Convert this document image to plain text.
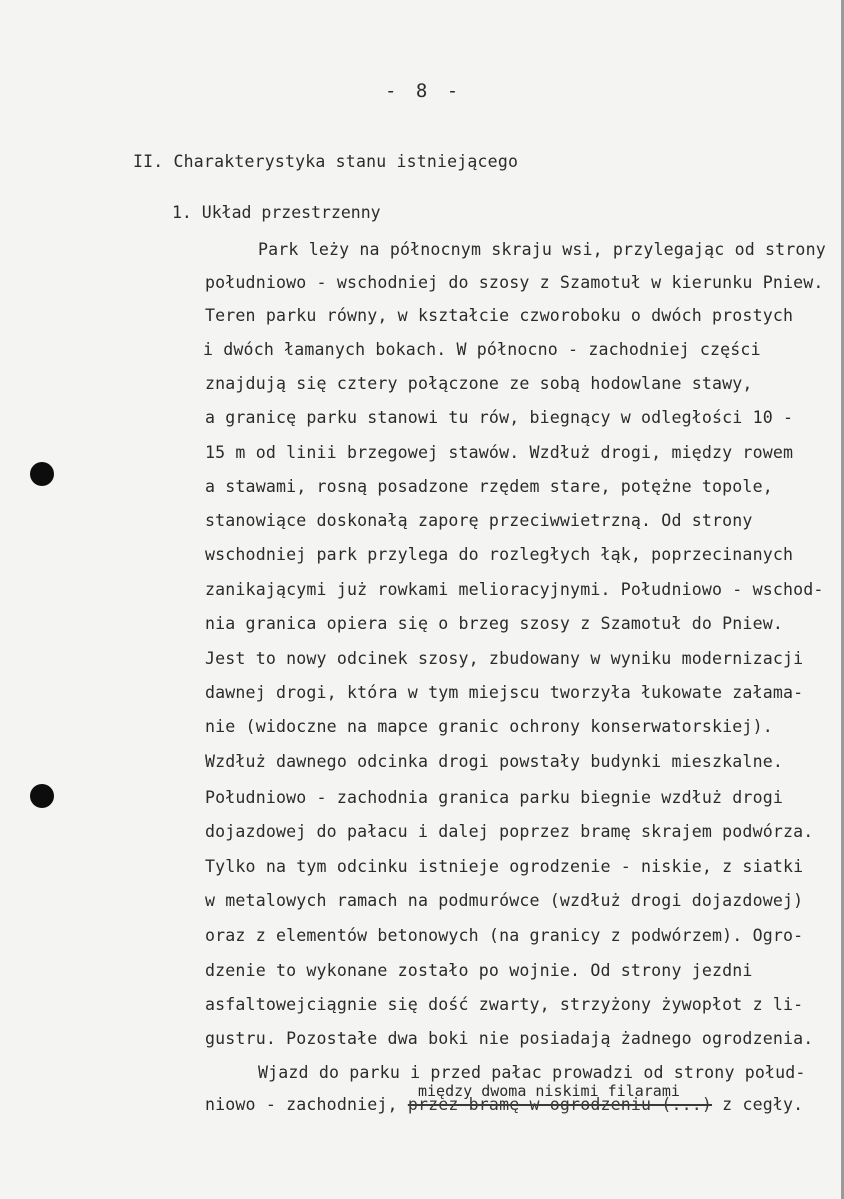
- 8 -
II. Charakterystyka stanu istniejącego
1. Układ przestrzenny
Park leży na północnym skraju wsi, przylegając od strony
południowo - wschodniej do szosy z Szamotuł w kierunku Pniew.
Teren parku równy, w kształcie czworoboku o dwóch prostych
i dwóch łamanych bokach. W północno - zachodniej części
znajdują się cztery połączone ze sobą hodowlane stawy,
a granicę parku stanowi tu rów, biegnący w odległości 10 -
15 m od linii brzegowej stawów. Wzdłuż drogi, między rowem
a stawami, rosną posadzone rzędem stare, potężne topole,
stanowiące doskonałą zaporę przeciwwietrzną. Od strony
wschodniej park przylega do rozległych łąk, poprzecinanych
zanikającymi już rowkami melioracyjnymi. Południowo - wschod-
nia granica opiera się o brzeg szosy z Szamotuł do Pniew.
Jest to nowy odcinek szosy, zbudowany w wyniku modernizacji
dawnej drogi, która w tym miejscu tworzyła łukowate załama-
nie (widoczne na mapce granic ochrony konserwatorskiej).
Wzdłuż dawnego odcinka drogi powstały budynki mieszkalne.
Południowo - zachodnia granica parku biegnie wzdłuż drogi
dojazdowej do pałacu i dalej poprzez bramę skrajem podwórza.
Tylko na tym odcinku istnieje ogrodzenie - niskie, z siatki
w metalowych ramach na podmurówce (wzdłuż drogi dojazdowej)
oraz z elementów betonowych (na granicy z podwórzem). Ogro-
dzenie to wykonane zostało po wojnie. Od strony jezdni
asfaltowejciągnie się dość zwarty, strzyżony żywopłot z li-
gustru. Pozostałe dwa boki nie posiadają żadnego ogrodzenia.
Wjazd do parku i przed pałac prowadzi od strony połud-
między dwoma niskimi filarami
niowo - zachodniej, przez bramę w ogrodzeniu (...) z cegły.
